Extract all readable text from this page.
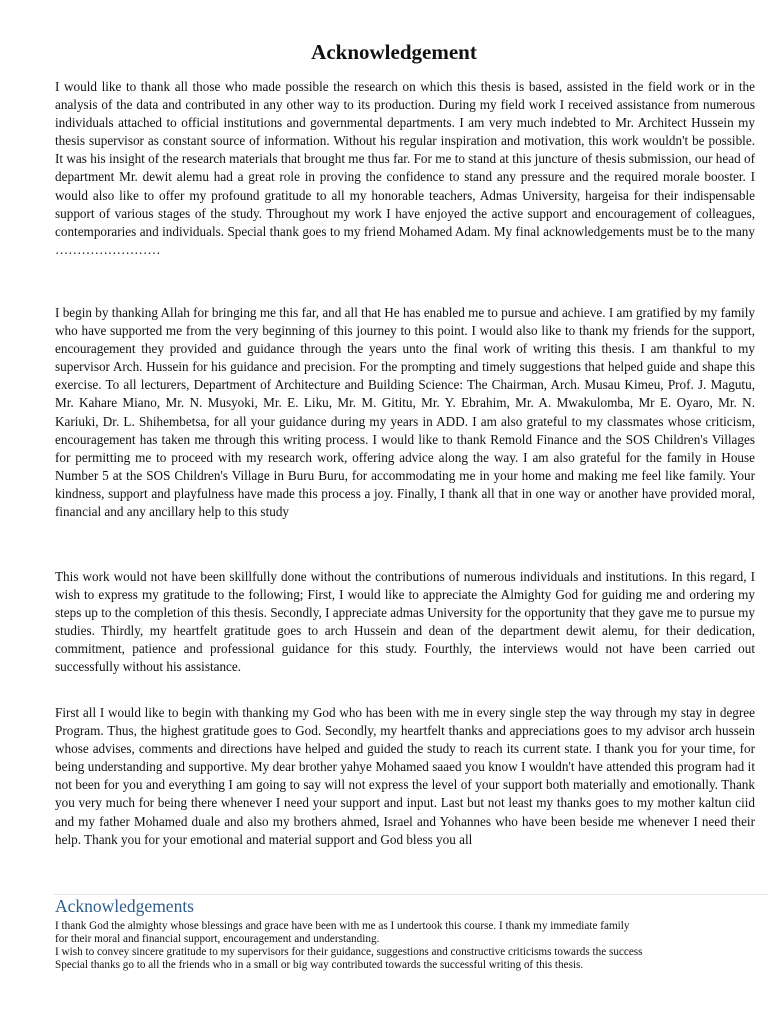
Acknowledgement

I would like to thank all those who made possible the research on which this thesis is based, assisted in the field work or in the analysis of the data and contributed in any other way to its production. During my field work I received assistance from numerous individuals attached to official institutions and governmental departments. I am very much indebted to Mr. Architect Hussein my thesis supervisor as constant source of information. Without his regular inspiration and motivation, this work wouldn't be possible. It was his insight of the research materials that brought me thus far. For me to stand at this juncture of thesis submission, our head of department Mr. dewit alemu had a great role in proving the confidence to stand any pressure and the required morale booster. I would also like to offer my profound gratitude to all my honorable teachers, Admas University, hargeisa for their indispensable support of various stages of the study. Throughout my work I have enjoyed the active support and encouragement of colleagues, contemporaries and individuals. Special thank goes to my friend Mohamed Adam. My final acknowledgements must be to the many ……………………

I begin by thanking Allah for bringing me this far, and all that He has enabled me to pursue and achieve. I am gratified by my family who have supported me from the very beginning of this journey to this point. I would also like to thank my friends for the support, encouragement they provided and guidance through the years unto the final work of writing this thesis. I am thankful to my supervisor Arch. Hussein for his guidance and precision. For the prompting and timely suggestions that helped guide and shape this exercise. To all lecturers, Department of Architecture and Building Science: The Chairman, Arch. Musau Kimeu, Prof. J. Magutu, Mr. Kahare Miano, Mr. N. Musyoki, Mr. E. Liku, Mr. M. Gititu, Mr. Y. Ebrahim, Mr. A. Mwakulomba, Mr E. Oyaro, Mr. N. Kariuki, Dr. L. Shihembetsa, for all your guidance during my years in ADD. I am also grateful to my classmates whose criticism, encouragement has taken me through this writing process. I would like to thank Remold Finance and the SOS Children's Villages for permitting me to proceed with my research work, offering advice along the way. I am also grateful for the family in House Number 5 at the SOS Children's Village in Buru Buru, for accommodating me in your home and making me feel like family. Your kindness, support and playfulness have made this process a joy. Finally, I thank all that in one way or another have provided moral, financial and any ancillary help to this study

This work would not have been skillfully done without the contributions of numerous individuals and institutions. In this regard, I wish to express my gratitude to the following; First, I would like to appreciate the Almighty God for guiding me and ordering my steps up to the completion of this thesis. Secondly, I appreciate admas University for the opportunity that they gave me to pursue my studies. Thirdly, my heartfelt gratitude goes to arch Hussein and dean of the department dewit alemu, for their dedication, commitment, patience and professional guidance for this study. Fourthly, the interviews would not have been carried out successfully without his assistance.

First all I would like to begin with thanking my God who has been with me in every single step the way through my stay in degree Program. Thus, the highest gratitude goes to God. Secondly, my heartfelt thanks and appreciations goes to my advisor arch hussein whose advises, comments and directions have helped and guided the study to reach its current state. I thank you for your time, for being understanding and supportive. My dear brother yahye Mohamed saaed you know I wouldn't have attended this program had it not been for you and everything I am going to say will not express the level of your support both materially and emotionally. Thank you very much for being there whenever I need your support and input. Last but not least my thanks goes to my mother kaltun ciid and my father Mohamed duale and also my brothers ahmed, Israel and Yohannes who have been beside me whenever I need their help. Thank you for your emotional and material support and God bless you all

Acknowledgements

I thank God the almighty whose blessings and grace have been with me as I undertook this course. I thank my immediate family

for their moral and financial support, encouragement and understanding.

I wish to convey sincere gratitude to my supervisors for their guidance, suggestions and constructive criticisms towards the success

Special thanks go to all the friends who in a small or big way contributed towards the successful writing of this thesis.
